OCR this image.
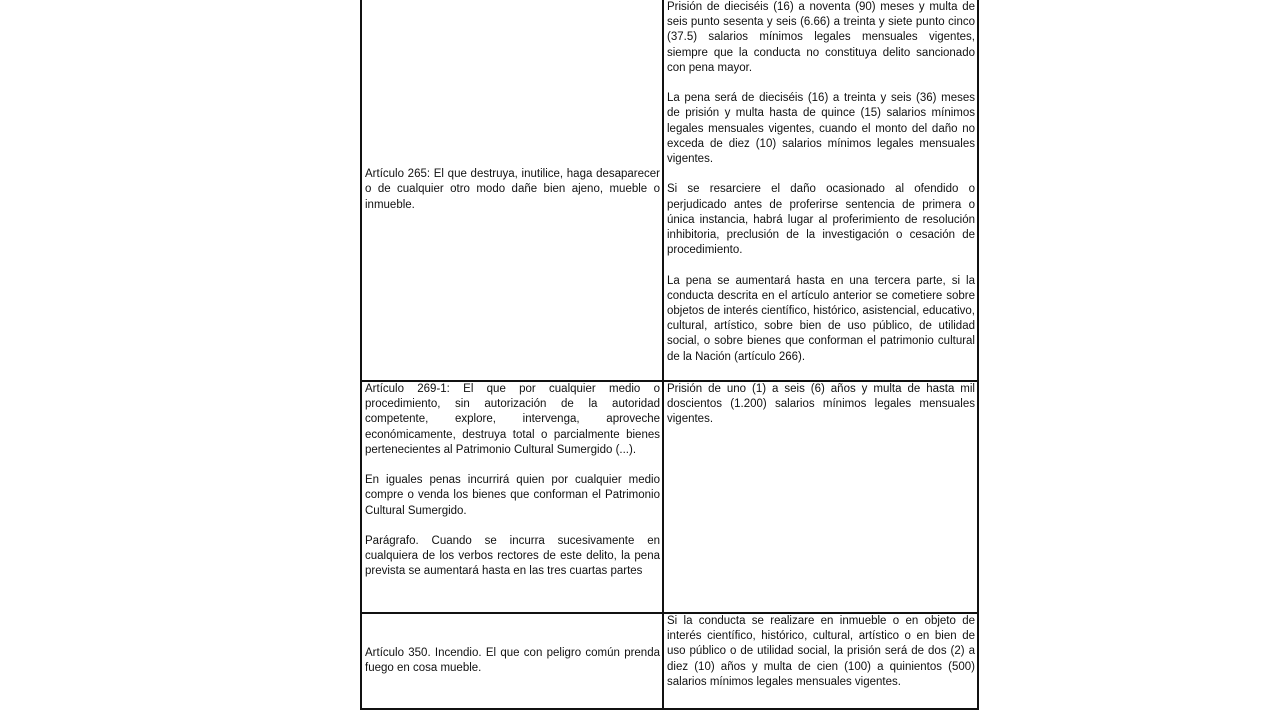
Artículo 265: El que destruya, inutilice, haga desaparecer o de cualquier otro modo dañe bien ajeno, mueble o inmueble.	Prisión de dieciséis (16) a noventa (90) meses y multa de seis punto sesenta y seis (6.66) a treinta y siete punto cinco (37.5) salarios mínimos legales mensuales vigentes, siempre que la conducta no constituya delito sancionado con pena mayor.

La pena será de dieciséis (16) a treinta y seis (36) meses de prisión y multa hasta de quince (15) salarios mínimos legales mensuales vigentes, cuando el monto del daño no exceda de diez (10) salarios mínimos legales mensuales vigentes.

Si se resarciere el daño ocasionado al ofendido o perjudicado antes de proferirse sentencia de primera o única instancia, habrá lugar al proferimiento de resolución inhibitoria, preclusión de la investigación o cesación de procedimiento.

La pena se aumentará hasta en una tercera parte, si la conducta descrita en el artículo anterior se cometiere sobre objetos de interés científico, histórico, asistencial, educativo, cultural, artístico, sobre bien de uso público, de utilidad social, o sobre bienes que conforman el patrimonio cultural de la Nación (artículo 266).

Artículo 269-1: El que por cualquier medio o procedimiento, sin autorización de la autoridad competente, explore, intervenga, aproveche económicamente, destruya total o parcialmente bienes pertenecientes al Patrimonio Cultural Sumergido (...).

En iguales penas incurrirá quien por cualquier medio compre o venda los bienes que conforman el Patrimonio Cultural Sumergido.

Parágrafo. Cuando se incurra sucesivamente en cualquiera de los verbos rectores de este delito, la pena prevista se aumentará hasta en las tres cuartas partes	Prisión de uno (1) a seis (6) años y multa de hasta mil doscientos (1.200) salarios mínimos legales mensuales vigentes.

Artículo 350. Incendio. El que con peligro común prenda fuego en cosa mueble.	Si la conducta se realizare en inmueble o en objeto de interés científico, histórico, cultural, artístico o en bien de uso público o de utilidad social, la prisión será de dos (2) a diez (10) años y multa de cien (100) a quinientos (500) salarios mínimos legales mensuales vigentes.
